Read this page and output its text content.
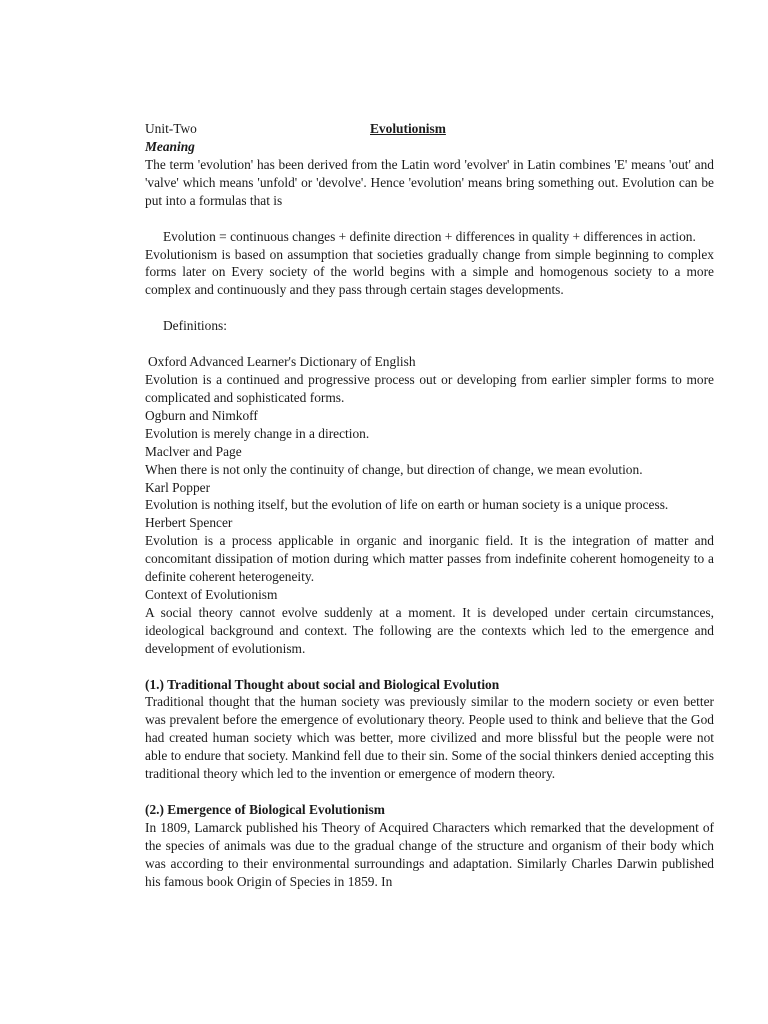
Unit-Two	Evolutionism
Meaning

The term 'evolution' has been derived from the Latin word 'evolver' in Latin combines 'E' means 'out' and 'valve' which means 'unfold' or 'devolve'. Hence 'evolution' means bring something out. Evolution can be put into a formulas that is

Evolution = continuous changes + definite direction + differences in quality + differences in action.

Evolutionism is based on assumption that societies gradually change from simple beginning to complex forms later on Every society of the world begins with a simple and homogenous society to a more complex and continuously and they pass through certain stages developments.

Definitions:

Oxford Advanced Learner's Dictionary of English

Evolution is a continued and progressive process out or developing from earlier simpler forms to more complicated and sophisticated forms.

Ogburn and Nimkoff

Evolution is merely change in a direction.

Maclver and Page

When there is not only the continuity of change, but direction of change, we mean evolution.

Karl Popper

Evolution is nothing itself, but the evolution of life on earth or human society is a unique process.

Herbert Spencer

Evolution is a process applicable in organic and inorganic field. It is the integration of matter and concomitant dissipation of motion during which matter passes from indefinite coherent homogeneity to a definite coherent heterogeneity.

Context of Evolutionism

A social theory cannot evolve suddenly at a moment. It is developed under certain circumstances, ideological background and context. The following are the contexts which led to the emergence and development of evolutionism.

(1.) Traditional Thought about social and Biological Evolution

Traditional thought that the human society was previously similar to the modern society or even better was prevalent before the emergence of evolutionary theory. People used to think and believe that the God had created human society which was better, more civilized and more blissful but the people were not able to endure that society. Mankind fell due to their sin. Some of the social thinkers denied accepting this traditional theory which led to the invention or emergence of modern theory.

(2.) Emergence of Biological Evolutionism

In 1809, Lamarck published his Theory of Acquired Characters which remarked that the development of the species of animals was due to the gradual change of the structure and organism of their body which was according to their environmental surroundings and adaptation. Similarly Charles Darwin published his famous book Origin of Species in 1859. In
